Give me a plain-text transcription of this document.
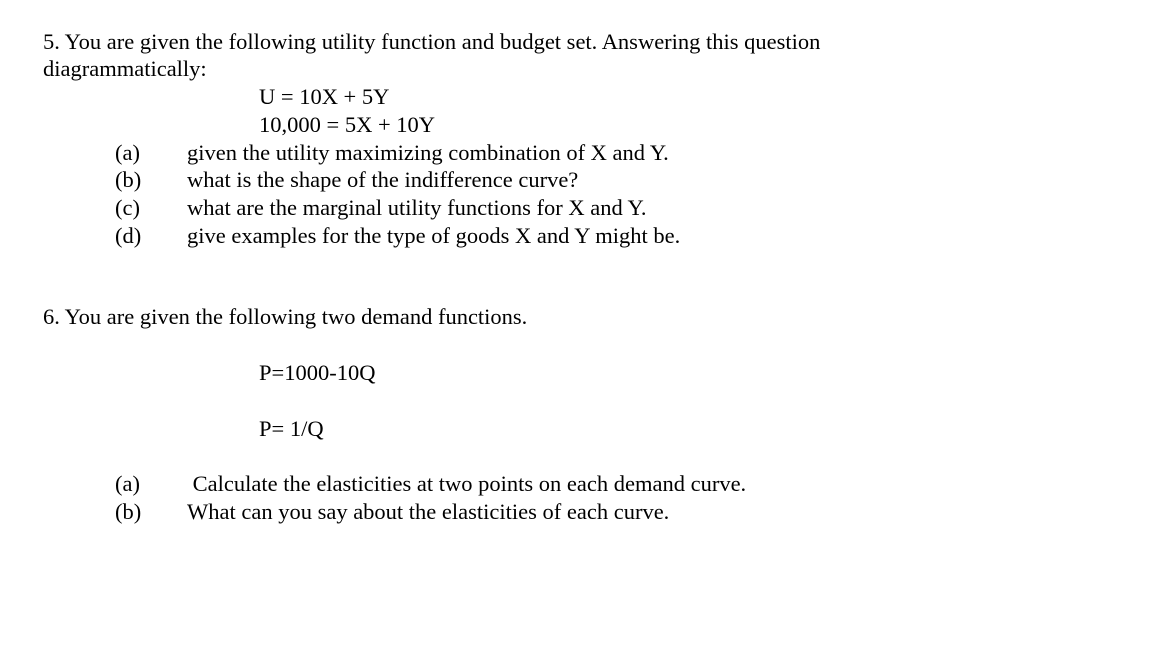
5. You are given the following utility function and budget set. Answering this question
diagrammatically:
U = 10X + 5Y
10,000 = 5X + 10Y
(a) given the utility maximizing combination of X and Y.
(b) what is the shape of the indifference curve?
(c) what are the marginal utility functions for X and Y.
(d) give examples for the type of goods X and Y might be.
6. You are given the following two demand functions.
P=1000-10Q
P= 1/Q
(a) Calculate the elasticities at two points on each demand curve.
(b) What can you say about the elasticities of each curve.
